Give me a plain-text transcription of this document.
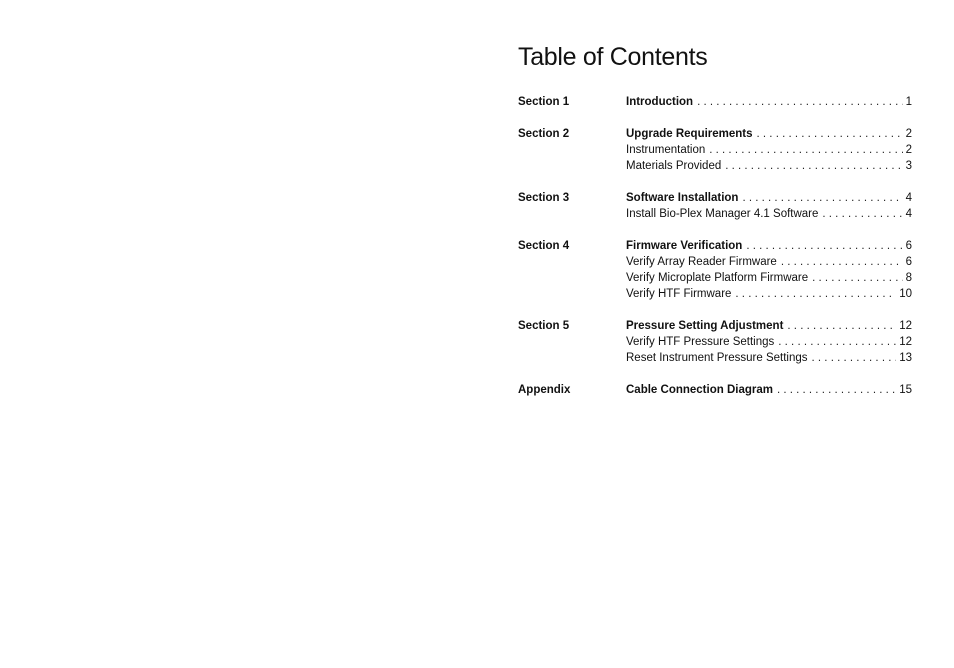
Table of Contents
Section 1	Introduction . . .	1
Section 2	Upgrade Requirements . . .	2
Instrumentation . . .	2
Materials Provided . . .	3
Section 3	Software Installation . . .	4
Install Bio-Plex Manager 4.1 Software . . .	4
Section 4	Firmware Verification . . .	6
Verify Array Reader Firmware . . .	6
Verify Microplate Platform Firmware . . .	8
Verify HTF Firmware . . .	10
Section 5	Pressure Setting Adjustment . . .	12
Verify HTF Pressure Settings . . .	12
Reset Instrument Pressure Settings . . .	13
Appendix	Cable Connection Diagram . . .	15
